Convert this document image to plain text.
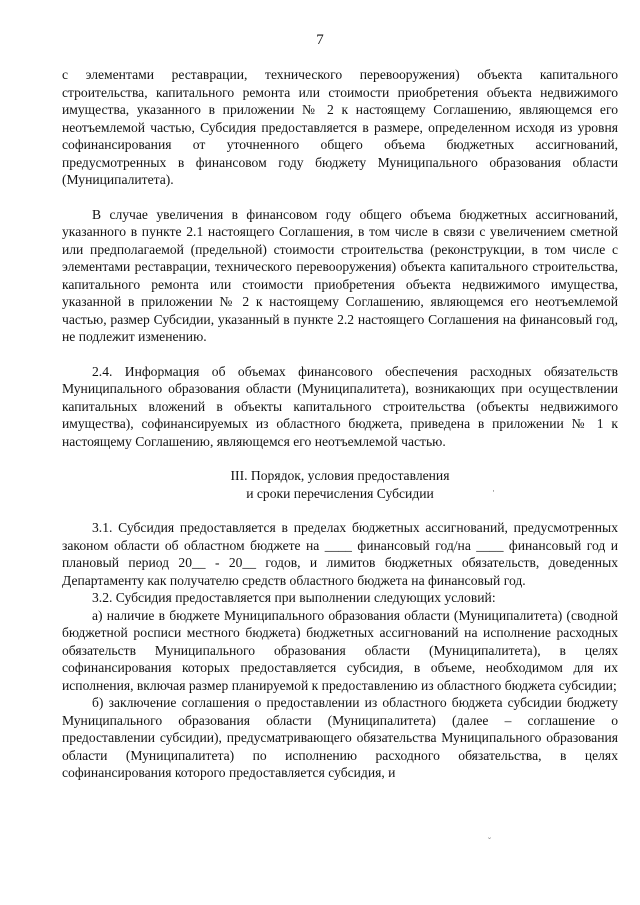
7

с элементами реставрации, технического перевооружения) объекта капитального строительства, капитального ремонта или стоимости приобретения объекта недвижимого имущества, указанного в приложении № 2 к настоящему Соглашению, являющемся его неотъемлемой частью, Субсидия предоставляется в размере, определенном исходя из уровня софинансирования от уточненного общего объема бюджетных ассигнований, предусмотренных в финансовом году бюджету Муниципального образования области (Муниципалитета).

В случае увеличения в финансовом году общего объема бюджетных ассигнований, указанного в пункте 2.1 настоящего Соглашения, в том числе в связи с увеличением сметной или предполагаемой (предельной) стоимости строительства (реконструкции, в том числе с элементами реставрации, технического перевооружения) объекта капитального строительства, капитального ремонта или стоимости приобретения объекта недвижимого имущества, указанной в приложении № 2 к настоящему Соглашению, являющемся его неотъемлемой частью, размер Субсидии, указанный в пункте 2.2 настоящего Соглашения на финансовый год, не подлежит изменению.

2.4. Информация об объемах финансового обеспечения расходных обязательств Муниципального образования области (Муниципалитета), возникающих при осуществлении капитальных вложений в объекты капитального строительства (объекты недвижимого имущества), софинансируемых из областного бюджета, приведена в приложении № 1 к настоящему Соглашению, являющемся его неотъемлемой частью.

III. Порядок, условия предоставления

и сроки перечисления Субсидии

3.1. Субсидия предоставляется в пределах бюджетных ассигнований, предусмотренных законом области об областном бюджете на ____ финансовый год/на ____ финансовый год и плановый период 20__ - 20__ годов, и лимитов бюджетных обязательств, доведенных Департаменту как получателю средств областного бюджета на финансовый год.

3.2. Субсидия предоставляется при выполнении следующих условий:

а) наличие в бюджете Муниципального образования области (Муниципалитета) (сводной бюджетной росписи местного бюджета) бюджетных ассигнований на исполнение расходных обязательств Муниципального образования области (Муниципалитета), в целях софинансирования которых предоставляется субсидия, в объеме, необходимом для их исполнения, включая размер планируемой к предоставлению из областного бюджета субсидии;

б) заключение соглашения о предоставлении из областного бюджета субсидии бюджету Муниципального образования области (Муниципалитета) (далее – соглашение о предоставлении субсидии), предусматривающего обязательства Муниципального образования области (Муниципалитета) по исполнению расходного обязательства, в целях софинансирования которого предоставляется субсидия, и

·
˘
